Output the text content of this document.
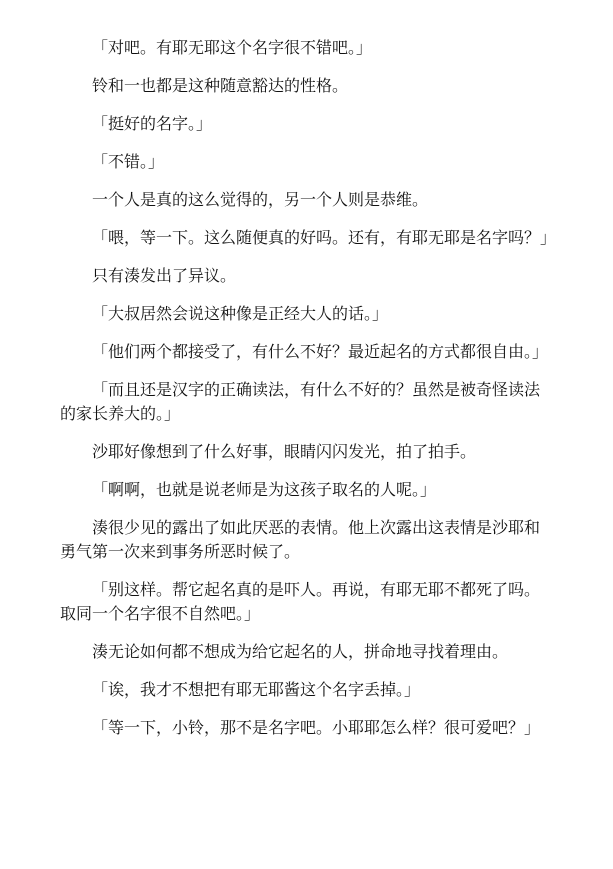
「对吧。有耶无耶这个名字很不错吧。」

铃和一也都是这种随意豁达的性格。

「挺好的名字。」

「不错。」

一个人是真的这么觉得的，另一个人则是恭维。

「喂，等一下。这么随便真的好吗。还有，有耶无耶是名字吗？」

只有湊发出了异议。

「大叔居然会说这种像是正经大人的话。」

「他们两个都接受了，有什么不好？最近起名的方式都很自由。」

「而且还是汉字的正确读法，有什么不好的？虽然是被奇怪读法的家长养大的。」

沙耶好像想到了什么好事，眼睛闪闪发光，拍了拍手。

「啊啊，也就是说老师是为这孩子取名的人呢。」

湊很少见的露出了如此厌恶的表情。他上次露出这表情是沙耶和勇气第一次来到事务所恶时候了。

「别这样。帮它起名真的是吓人。再说，有耶无耶不都死了吗。取同一个名字很不自然吧。」

湊无论如何都不想成为给它起名的人，拼命地寻找着理由。

「诶，我才不想把有耶无耶酱这个名字丢掉。」

「等一下，小铃，那不是名字吧。小耶耶怎么样？很可爱吧？」
